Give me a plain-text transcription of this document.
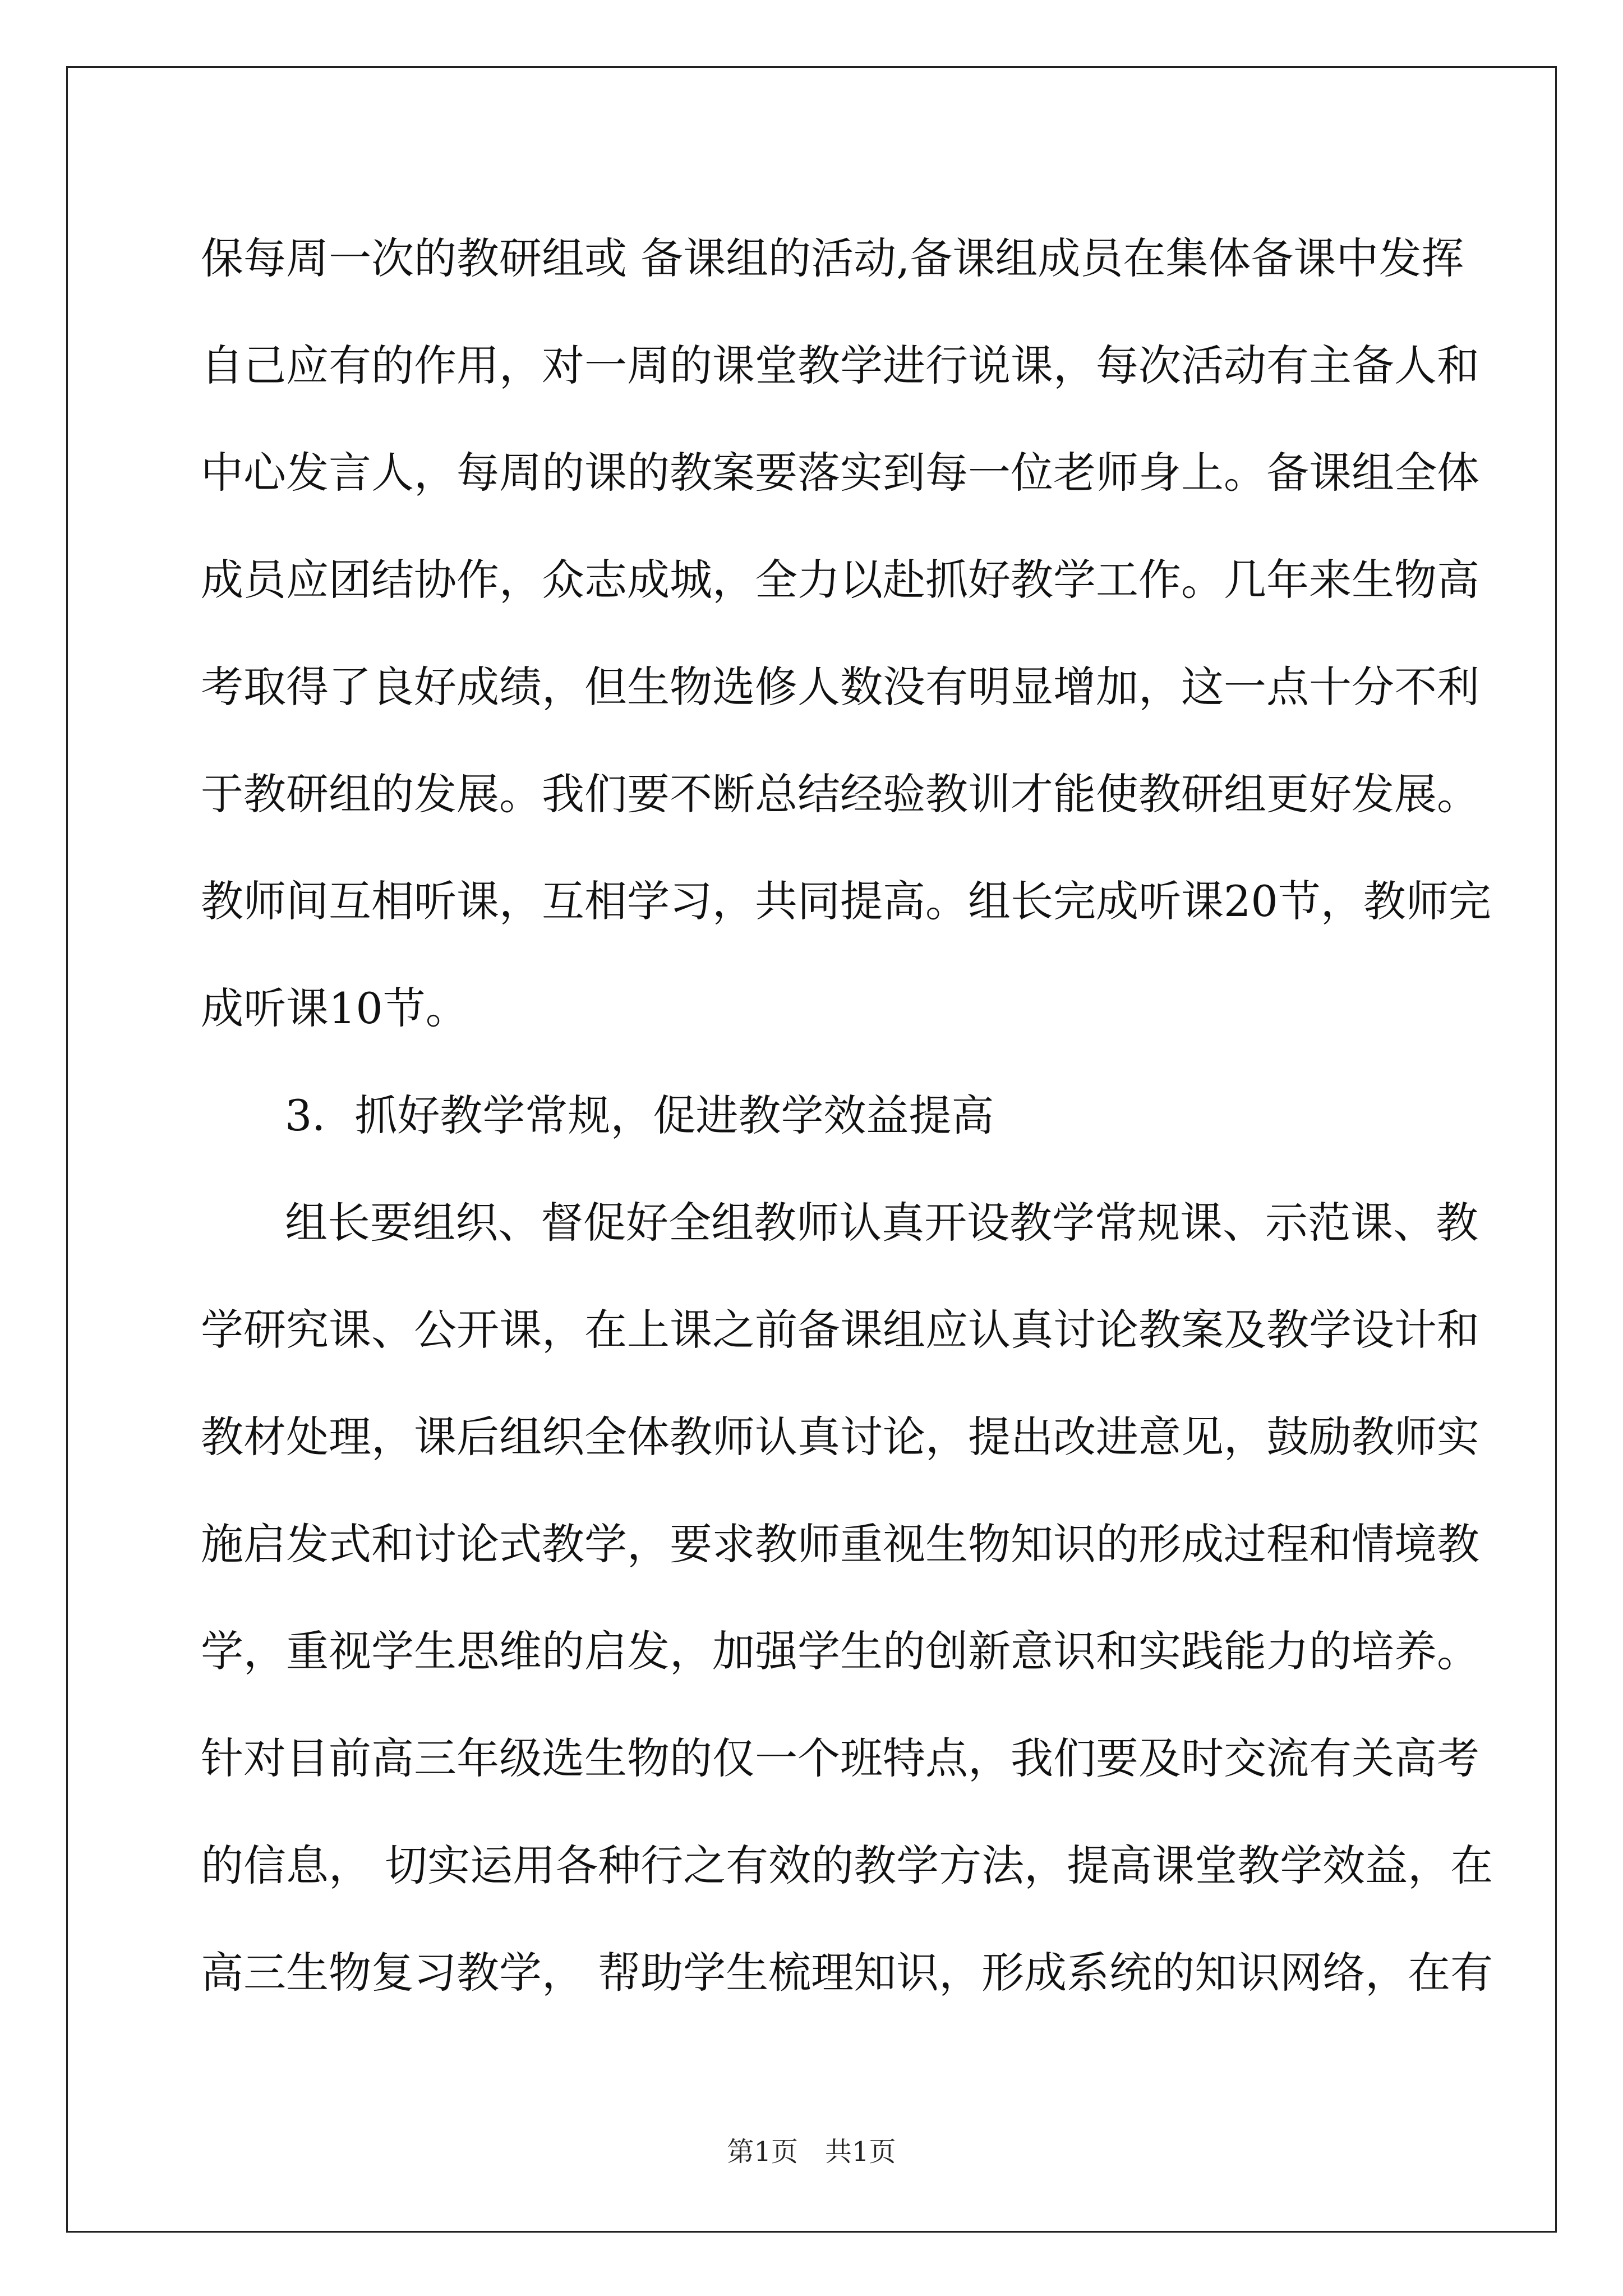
保每周一次的教研组或 备课组的活动,备课组成员在集体备课中发挥
自己应有的作用，对一周的课堂教学进行说课，每次活动有主备人和
中心发言人，每周的课的教案要落实到每一位老师身上。备课组全体
成员应团结协作，众志成城，全力以赴抓好教学工作。几年来生物高
考取得了良好成绩，但生物选修人数没有明显增加，这一点十分不利
于教研组的发展。我们要不断总结经验教训才能使教研组更好发展。
教师间互相听课，互相学习，共同提高。组长完成听课20节，教师完
成听课10节。
3．抓好教学常规，促进教学效益提高
组长要组织、督促好全组教师认真开设教学常规课、示范课、教
学研究课、公开课，在上课之前备课组应认真讨论教案及教学设计和
教材处理，课后组织全体教师认真讨论，提出改进意见，鼓励教师实
施启发式和讨论式教学，要求教师重视生物知识的形成过程和情境教
学，重视学生思维的启发，加强学生的创新意识和实践能力的培养。
针对目前高三年级选生物的仅一个班特点，我们要及时交流有关高考
的信息， 切实运用各种行之有效的教学方法，提高课堂教学效益，在
高三生物复习教学， 帮助学生梳理知识，形成系统的知识网络，在有
第1页　共1页
